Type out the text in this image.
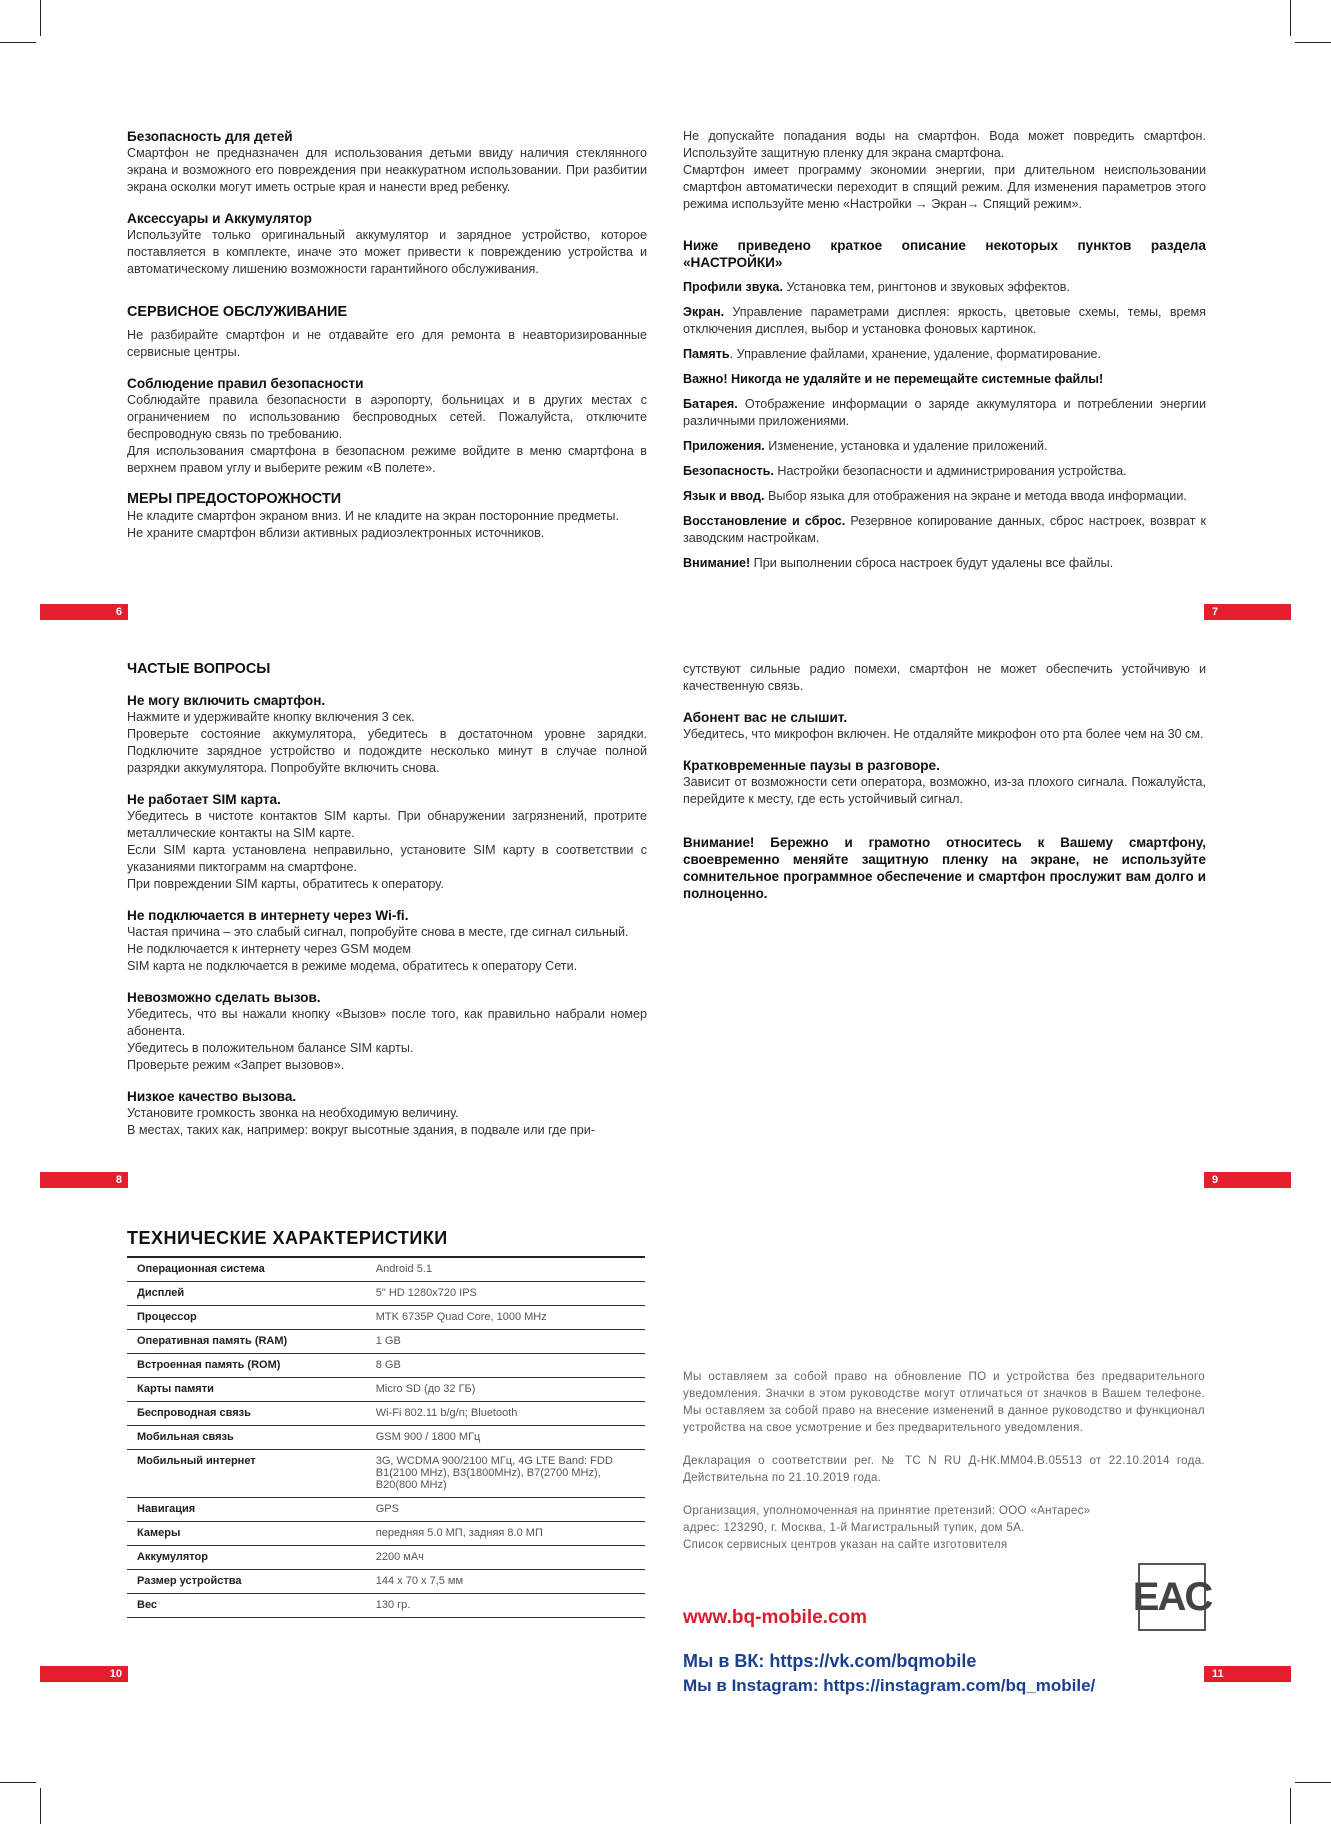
Безопасность для детей

Смартфон не предназначен для использования детьми ввиду наличия стеклянного экрана и возможного его повреждения при неаккуратном использовании. При разбитии экрана осколки могут иметь острые края и нанести вред ребенку.

Аксессуары и Аккумулятор

Используйте только оригинальный аккумулятор и зарядное устройство, которое поставляется в комплекте, иначе это может привести к повреждению устройства и автоматическому лишению возможности гарантийного обслуживания.

СЕРВИСНОЕ ОБСЛУЖИВАНИЕ

Не разбирайте смартфон и не отдавайте его для ремонта в неавторизированные сервисные центры.

Соблюдение правил безопасности

Соблюдайте правила безопасности в аэропорту, больницах и в других местах с ограничением по использованию беспроводных сетей. Пожалуйста, отключите беспроводную связь по требованию.

Для использования смартфона в безопасном режиме войдите в меню смартфона в верхнем правом углу и выберите режим «В полете».

МЕРЫ ПРЕДОСТОРОЖНОСТИ

Не кладите смартфон экраном вниз. И не кладите на экран посторонние предметы.

Не храните смартфон вблизи активных радиоэлектронных источников.

6

Не допускайте попадания воды на смартфон. Вода может повредить смартфон. Используйте защитную пленку для экрана смартфона.

Смартфон имеет программу экономии энергии, при длительном неиспользовании смартфон автоматически переходит в спящий режим. Для изменения параметров этого режима используйте меню «Настройки → Экран→ Спящий режим».

Ниже приведено краткое описание некоторых пунктов раздела «НАСТРОЙКИ»

Профили звука. Установка тем, рингтонов и звуковых эффектов.

Экран. Управление параметрами дисплея: яркость, цветовые схемы, темы, время отключения дисплея, выбор и установка фоновых картинок.

Память. Управление файлами, хранение, удаление, форматирование.

Важно! Никогда не удаляйте и не перемещайте системные файлы!

Батарея. Отображение информации о заряде аккумулятора и потреблении энергии различными приложениями.

Приложения. Изменение, установка и удаление приложений.

Безопасность. Настройки безопасности и администрирования устройства.

Язык и ввод. Выбор языка для отображения на экране и метода ввода информации.

Восстановление и сброс. Резервное копирование данных, сброс настроек, возврат к заводским настройкам.

Внимание! При выполнении сброса настроек будут удалены все файлы.

7

ЧАСТЫЕ ВОПРОСЫ

Не могу включить смартфон.

Нажмите и удерживайте кнопку включения 3 сек.

Проверьте состояние аккумулятора, убедитесь в достаточном уровне зарядки. Подключите зарядное устройство и подождите несколько минут в случае полной разрядки аккумулятора. Попробуйте включить снова.

Не работает SIM карта.

Убедитесь в чистоте контактов SIM карты. При обнаружении загрязнений, протрите металлические контакты на SIM карте.

Если SIM карта установлена неправильно, установите SIM карту в соответствии с указаниями пиктограмм на смартфоне.

При повреждении SIM карты, обратитесь к оператору.

Не подключается в интернету через Wi-fi.

Частая причина – это слабый сигнал, попробуйте снова в месте, где сигнал сильный.

Не подключается к интернету через GSM модем

SIM карта не подключается в режиме модема, обратитесь к оператору Сети.

Невозможно сделать вызов.

Убедитесь, что вы нажали кнопку «Вызов» после того, как правильно набрали номер абонента.

Убедитесь в положительном балансе SIM карты.

Проверьте режим «Запрет вызовов».

Низкое качество вызова.

Установите громкость звонка на необходимую величину.

В местах, таких как, например: вокруг высотные здания, в подвале или где при-

8

сутствуют сильные радио помехи, смартфон не может обеспечить устойчивую и качественную связь.

Абонент вас не слышит.

Убедитесь, что микрофон включен. Не отдаляйте микрофон ото рта более чем на 30 см.

Кратковременные паузы в разговоре.

Зависит от возможности сети оператора, возможно, из-за плохого сигнала. Пожалуйста, перейдите к месту, где есть устойчивый сигнал.

Внимание! Бережно и грамотно относитесь к Вашему смартфону, своевременно меняйте защитную пленку на экране, не используйте сомнительное программное обеспечение и смартфон прослужит вам долго и полноценно.

9
ТЕХНИЧЕСКИЕ ХАРАКТЕРИСТИКИ
Операционная система	Android 5.1
Дисплей	5" HD 1280x720 IPS
Процессор	MTK 6735P Quad Core, 1000 MHz
Оперативная память (RAM)	1 GB
Встроенная память (ROM)	8 GB
Карты памяти	Micro SD (до 32 ГБ)
Беспроводная связь	Wi-Fi 802.11 b/g/n; Bluetooth
Мобильная связь	GSM 900 / 1800 МГц
Мобильный интернет	3G, WCDMA 900/2100 МГц, 4G LTE Band: FDD B1(2100 MHz), B3(1800MHz), B7(2700 MHz), B20(800 MHz)
Навигация	GPS
Камеры	передняя 5.0 МП, задняя 8.0 МП
Аккумулятор	2200 мАч
Размер устройства	144 x 70 x 7,5 мм
Вес	130 гр.
10

Мы оставляем за собой право на обновление ПО и устройства без предварительного уведомления. Значки в этом руководстве могут отличаться от значков в Вашем телефоне. Мы оставляем за собой право на внесение изменений в данное руководство и функционал устройства на свое усмотрение и без предварительного уведомления.

Декларация о соответствии рег. № ТС N RU Д-НК.ММ04.В.05513 от 22.10.2014 года. Действительна по 21.10.2019 года.

Организация, уполномоченная на принятие претензий: ООО «Антарес»
адрес: 123290, г. Москва, 1-й Магистральный тупик, дом 5А.
Список сервисных центров указан на сайте изготовителя
EAC
www.bq-mobile.com
Мы в ВК: https://vk.com/bqmobile
Мы в Instagram: https://instagram.com/bq_mobile/
11
